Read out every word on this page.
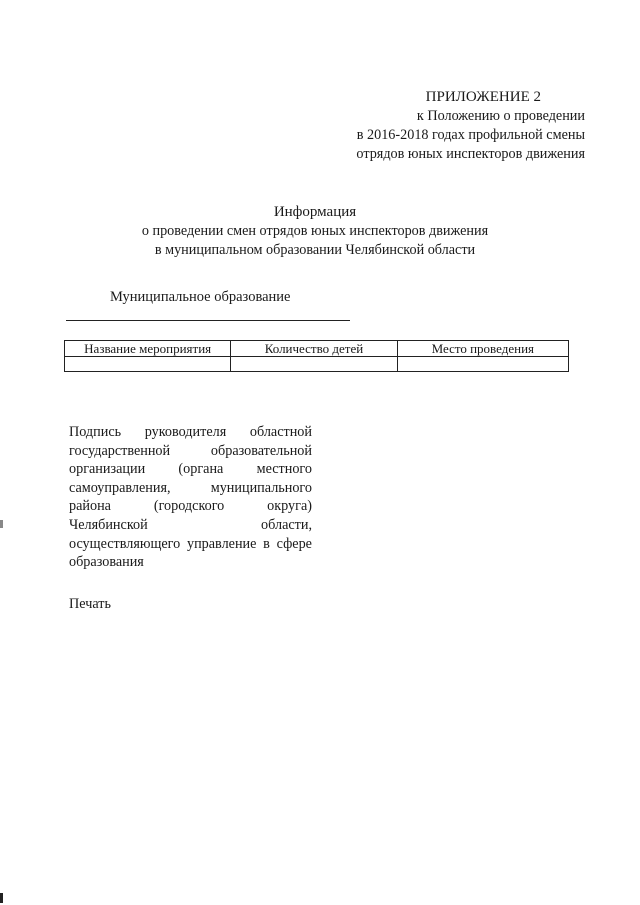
ПРИЛОЖЕНИЕ 2
к Положению о проведении
в 2016-2018 годах профильной смены
отрядов юных инспекторов движения
Информация
о проведении смен отрядов юных инспекторов движения
в муниципальном образовании Челябинской области
Муниципальное образование
Название мероприятия	Количество детей	Место проведения

Подпись руководителя областной государственной образовательной организации (органа местного самоуправления, муниципального района (городского округа) Челябинской области, осуществляющего управление в сфере образования
Печать
